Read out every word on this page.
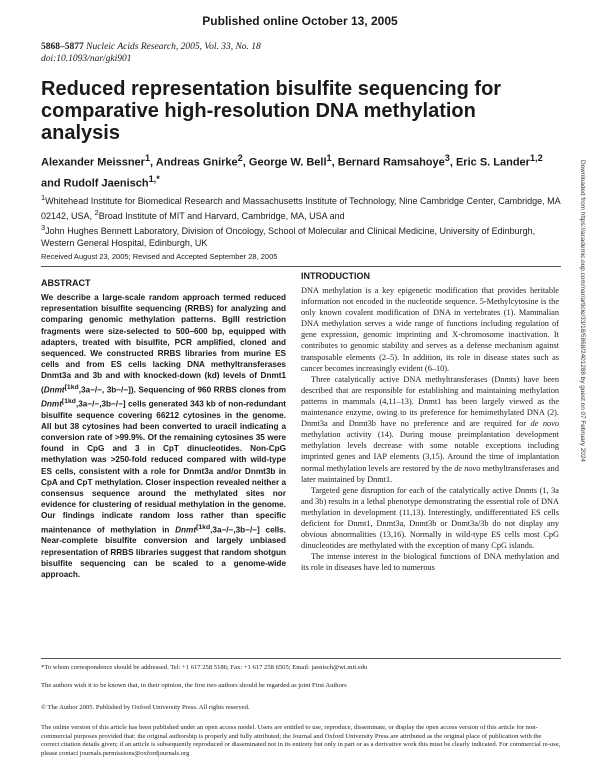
Published online October 13, 2005
5868–5877 Nucleic Acids Research, 2005, Vol. 33, No. 18
doi:10.1093/nar/gki901
Reduced representation bisulfite sequencing for comparative high-resolution DNA methylation analysis
Alexander Meissner$^1$, Andreas Gnirke$^2$, George W. Bell$^1$, Bernard Ramsahoye$^3$, Eric S. Lander$^{1,2}$ and Rudolf Jaenisch$^{1,*}$
$^1$Whitehead Institute for Biomedical Research and Massachusetts Institute of Technology, Nine Cambridge Center, Cambridge, MA 02142, USA, $^2$Broad Institute of MIT and Harvard, Cambridge, MA, USA and
$^3$John Hughes Bennett Laboratory, Division of Oncology, School of Molecular and Clinical Medicine, University of Edinburgh, Western General Hospital, Edinburgh, UK
Received August 23, 2005; Revised and Accepted September 28, 2005
ABSTRACT

We describe a large-scale random approach termed reduced representation bisulfite sequencing (RRBS) for analyzing and comparing genomic methylation patterns. BglII restriction fragments were size-selected to 500–600 bp, equipped with adapters, treated with bisulfite, PCR amplified, cloned and sequenced. We constructed RRBS libraries from murine ES cells and from ES cells lacking DNA methyltransferases Dnmt3a and 3b and with knocked-down (kd) levels of Dnmt1 (Dnmt$^{[1kd}$,3a−/−, 3b−/−]). Sequencing of 960 RRBS clones from Dnmt$^{[1kd}$,3a−/−,3b−/−] cells generated 343 kb of non-redundant bisulfite sequence covering 66212 cytosines in the genome. All but 38 cytosines had been converted to uracil indicating a conversion rate of >99.9%. Of the remaining cytosines 35 were found in CpG and 3 in CpT dinucleotides. Non-CpG methylation was >250-fold reduced compared with wild-type ES cells, consistent with a role for Dnmt3a and/or Dnmt3b in CpA and CpT methylation. Closer inspection revealed neither a consensus sequence around the methylated sites nor evidence for clustering of residual methylation in the genome. Our findings indicate random loss rather than specific maintenance of methylation in Dnmt$^{[1kd}$,3a−/−,3b−/−] cells. Near-complete bisulfite conversion and largely unbiased representation of RRBS libraries suggest that random shotgun bisulfite sequencing can be scaled to a genome-wide approach.

INTRODUCTION

DNA methylation is a key epigenetic modification that provides heritable information not encoded in the nucleotide sequence. 5-Methylcytosine is the only known covalent modification of DNA in vertebrates (1). Mammalian DNA methylation serves a wide range of functions including regulation of gene expression, genomic imprinting and X-chromosome inactivation. It contributes to genomic stability and serves as a defense mechanism against transposable elements (2–5). In addition, its role in disease states such as cancer becomes increasingly evident (6–10).

Three catalytically active DNA methyltransferases (Dnmts) have been described that are responsible for establishing and maintaining methylation patterns in mammals (4,11–13). Dnmt1 has been largely viewed as the maintenance enzyme, owing to its preference for hemimethylated DNA (2). Dnmt3a and Dnmt3b have no preference and are required for de novo methylation activity (14). During mouse preimplantation development methylation levels decrease with some notable exceptions including imprinted genes and IAP elements (3,15). Around the time of implantation normal methylation levels are restored by the de novo methyltransferases and later maintained by Dnmt1.

Targeted gene disruption for each of the catalytically active Dnmts (1, 3a and 3b) results in a lethal phenotype demonstrating the essential role of DNA methylation in development (11,13). Interestingly, undifferentiated ES cells deficient for Dnmt1, Dnmt3a, Dnmt3b or Dnmt3a/3b do not display any obvious abnormalities (13,16). Normally in wild-type ES cells most CpG dinucleotides are methylated with the exception of many CpG islands.

The intense interest in the biological functions of DNA methylation and its role in diseases have led to numerous

*To whom correspondence should be addressed. Tel: +1 617 258 5186; Fax: +1 617 258 6505; Email: jaenisch@wi.mit.edu
The authors wish it to be known that, in their opinion, the first two authors should be regarded as joint First Authors
© The Author 2005. Published by Oxford University Press. All rights reserved.
The online version of this article has been published under an open access model. Users are entitled to use, reproduce, disseminate, or display the open access version of this article for non-commercial purposes provided that: the original authorship is properly and fully attributed; the Journal and Oxford University Press are attributed as the original place of publication with the correct citation details given; if an article is subsequently reproduced or disseminated not in its entirety but only in part or as a derivative work this must be clearly indicated. For commercial re-use, please contact journals.permissions@oxfordjournals.org
Downloaded from https://academic.oup.com/nar/article/33/18/5868/2401288 by guest on 07 February 2024
